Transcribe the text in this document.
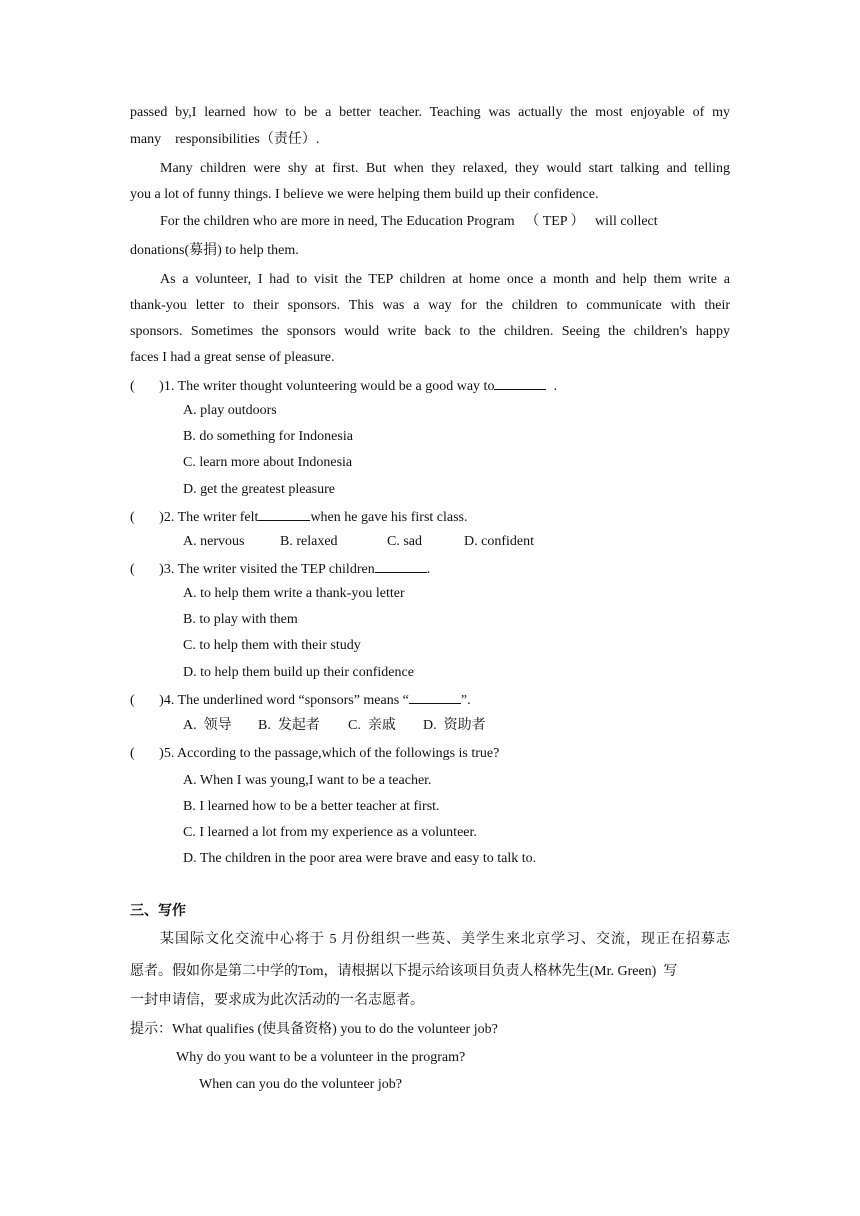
passed by,I learned how to be a better teacher. Teaching was actually the most enjoyable of my
many    responsibilities（责任）.
Many children were shy at first. But when they relaxed, they would start talking and telling
you a lot of funny things. I believe we were helping them build up their confidence.
For the children who are more in need, The Education Program   （ TEP ）   will collect
donations(募捐) to help them.
As a volunteer, I had to visit the TEP children at home once a month and help them write a
thank-you letter to their sponsors. This was a way for the children to communicate with their
sponsors. Sometimes the sponsors would write back to the children. Seeing the children's happy
faces I had a great sense of pleasure.
(       )1. The writer thought volunteering would be a good way to	.
A. play outdoors
B. do something for Indonesia
C. learn more about Indonesia
D. get the greatest pleasure
(       )2. The writer felt	when he gave his first class.
A. nervous	B. relaxed	C. sad	D. confident
(       )3. The writer visited the TEP children	.
A. to help them write a thank-you letter
B. to play with them
C. to help them with their study
D. to help them build up their confidence
(       )4. The underlined word “sponsors” means “	”.
A.  领导 B.  发起者 C.  亲戚 D.  资助者
(       )5. According to the passage,which of the followings is true?
A. When I was young,I want to be a teacher.
B. I learned how to be a better teacher at first.
C. I learned a lot from my experience as a volunteer.
D. The children in the poor area were brave and easy to talk to.
三、写作
某国际文化交流中心将于 5 月份组织一些英、美学生来北京学习、交流，现正在招募志
愿者。假如你是第二中学的Tom，请根据以下提示给该项目负责人格林先生(Mr. Green)  写
一封申请信，要求成为此次活动的一名志愿者。
提示：What qualifies (使具备资格) you to do the volunteer job?
Why do you want to be a volunteer in the program?
When can you do the volunteer job?
